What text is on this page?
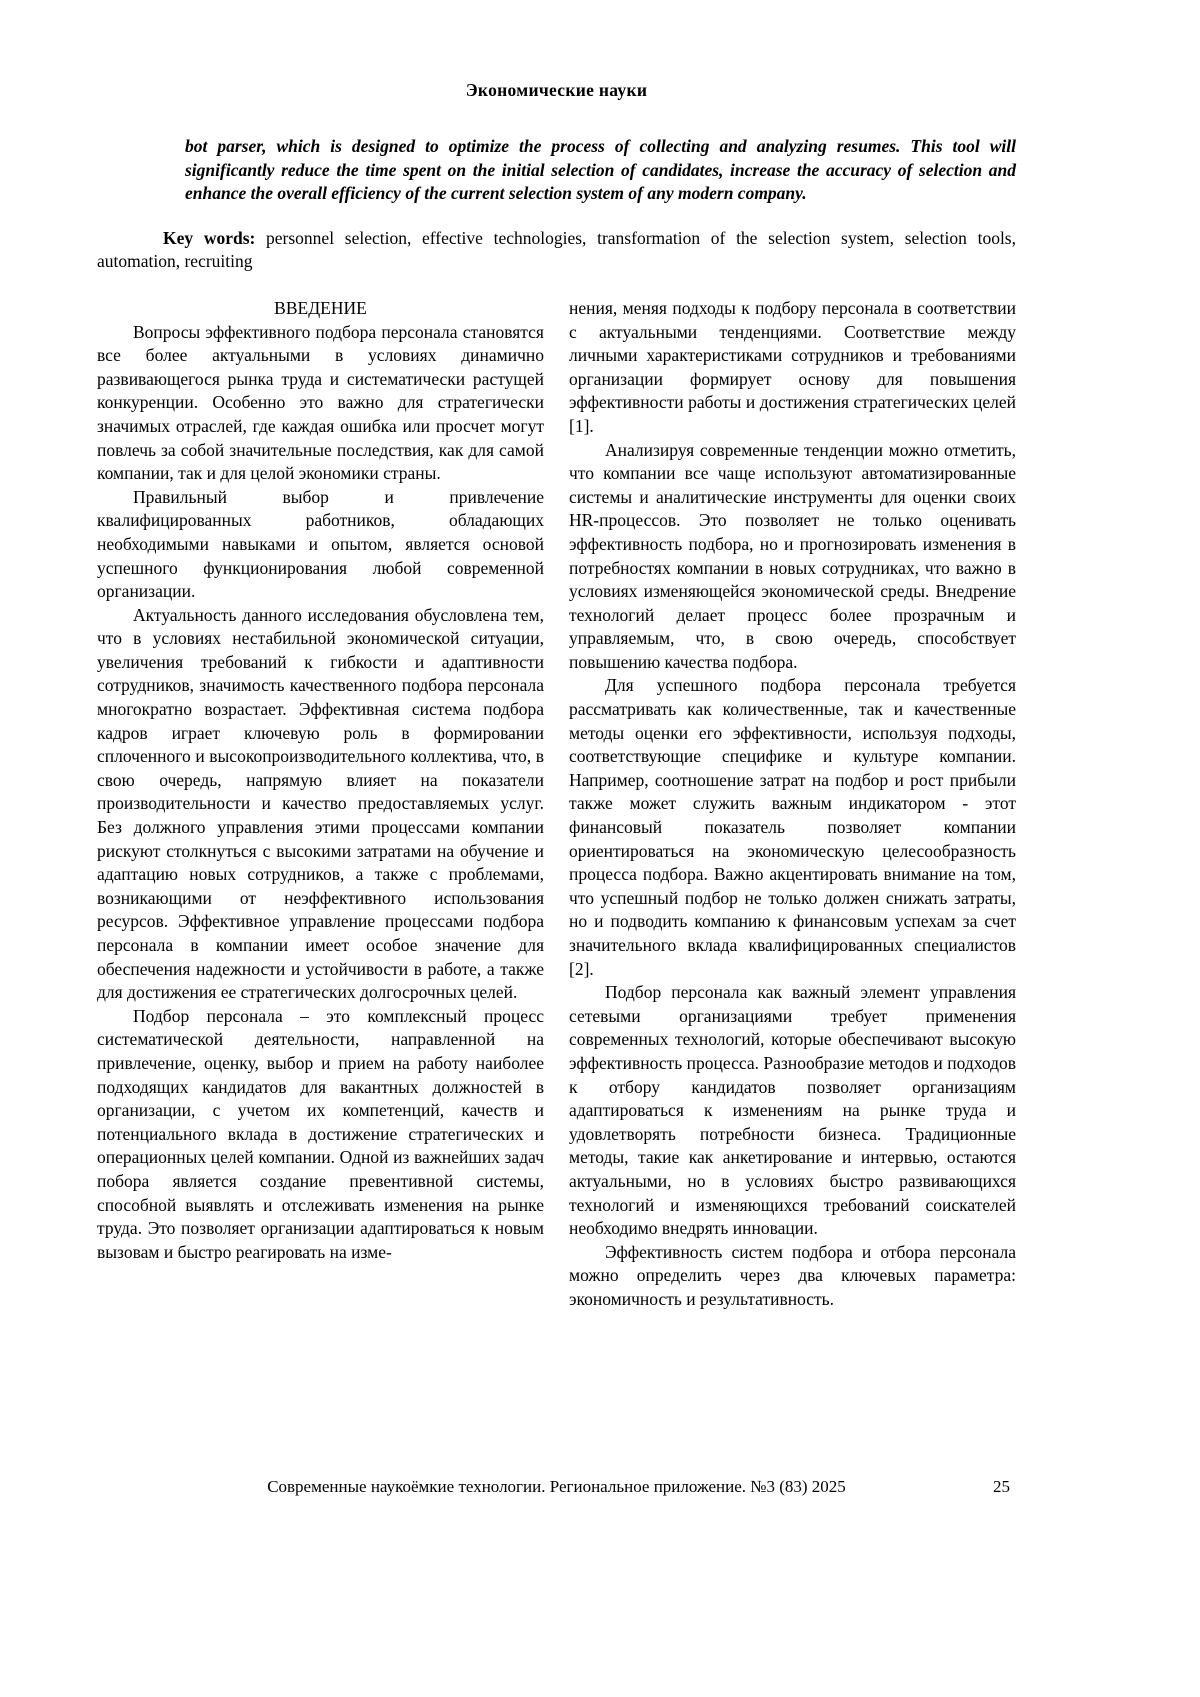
Экономические науки

bot parser, which is designed to optimize the process of collecting and analyzing resumes. This tool will significantly reduce the time spent on the initial selection of candidates, increase the accuracy of selection and enhance the overall efficiency of the current selection system of any modern company.

Key words: personnel selection, effective technologies, transformation of the selection system, selection tools, automation, recruiting

ВВЕДЕНИЕ

Вопросы эффективного подбора персонала становятся все более актуальными в условиях динамично развивающегося рынка труда и систематически растущей конкуренции. Особенно это важно для стратегически значимых отраслей, где каждая ошибка или просчет могут повлечь за собой значительные последствия, как для самой компании, так и для целой экономики страны.

Правильный выбор и привлечение квалифицированных работников, обладающих необходимыми навыками и опытом, является основой успешного функционирования любой современной организации.

Актуальность данного исследования обусловлена тем, что в условиях нестабильной экономической ситуации, увеличения требований к гибкости и адаптивности сотрудников, значимость качественного подбора персонала многократно возрастает. Эффективная система подбора кадров играет ключевую роль в формировании сплоченного и высокопроизводительного коллектива, что, в свою очередь, напрямую влияет на показатели производительности и качество предоставляемых услуг. Без должного управления этими процессами компании рискуют столкнуться с высокими затратами на обучение и адаптацию новых сотрудников, а также с проблемами, возникающими от неэффективного использования ресурсов. Эффективное управление процессами подбора персонала в компании имеет особое значение для обеспечения надежности и устойчивости в работе, а также для достижения ее стратегических долгосрочных целей.

Подбор персонала – это комплексный процесс систематической деятельности, направленной на привлечение, оценку, выбор и прием на работу наиболее подходящих кандидатов для вакантных должностей в организации, с учетом их компетенций, качеств и потенциального вклада в достижение стратегических и операционных целей компании. Одной из важнейших задач побора является создание превентивной системы, способной выявлять и отслеживать изменения на рынке труда. Это позволяет организации адаптироваться к новым вызовам и быстро реагировать на изме-

нения, меняя подходы к подбору персонала в соответствии с актуальными тенденциями. Соответствие между личными характеристиками сотрудников и требованиями организации формирует основу для повышения эффективности работы и достижения стратегических целей [1].

Анализируя современные тенденции можно отметить, что компании все чаще используют автоматизированные системы и аналитические инструменты для оценки своих HR-процессов. Это позволяет не только оценивать эффективность подбора, но и прогнозировать изменения в потребностях компании в новых сотрудниках, что важно в условиях изменяющейся экономической среды. Внедрение технологий делает процесс более прозрачным и управляемым, что, в свою очередь, способствует повышению качества подбора.

Для успешного подбора персонала требуется рассматривать как количественные, так и качественные методы оценки его эффективности, используя подходы, соответствующие специфике и культуре компании. Например, соотношение затрат на подбор и рост прибыли также может служить важным индикатором - этот финансовый показатель позволяет компании ориентироваться на экономическую целесообразность процесса подбора. Важно акцентировать внимание на том, что успешный подбор не только должен снижать затраты, но и подводить компанию к финансовым успехам за счет значительного вклада квалифицированных специалистов [2].

Подбор персонала как важный элемент управления сетевыми организациями требует применения современных технологий, которые обеспечивают высокую эффективность процесса. Разнообразие методов и подходов к отбору кандидатов позволяет организациям адаптироваться к изменениям на рынке труда и удовлетворять потребности бизнеса. Традиционные методы, такие как анкетирование и интервью, остаются актуальными, но в условиях быстро развивающихся технологий и изменяющихся требований соискателей необходимо внедрять инновации.

Эффективность систем подбора и отбора персонала можно определить через два ключевых параметра: экономичность и результативность.

Современные наукоёмкие технологии. Региональное приложение. №3 (83) 2025	25
